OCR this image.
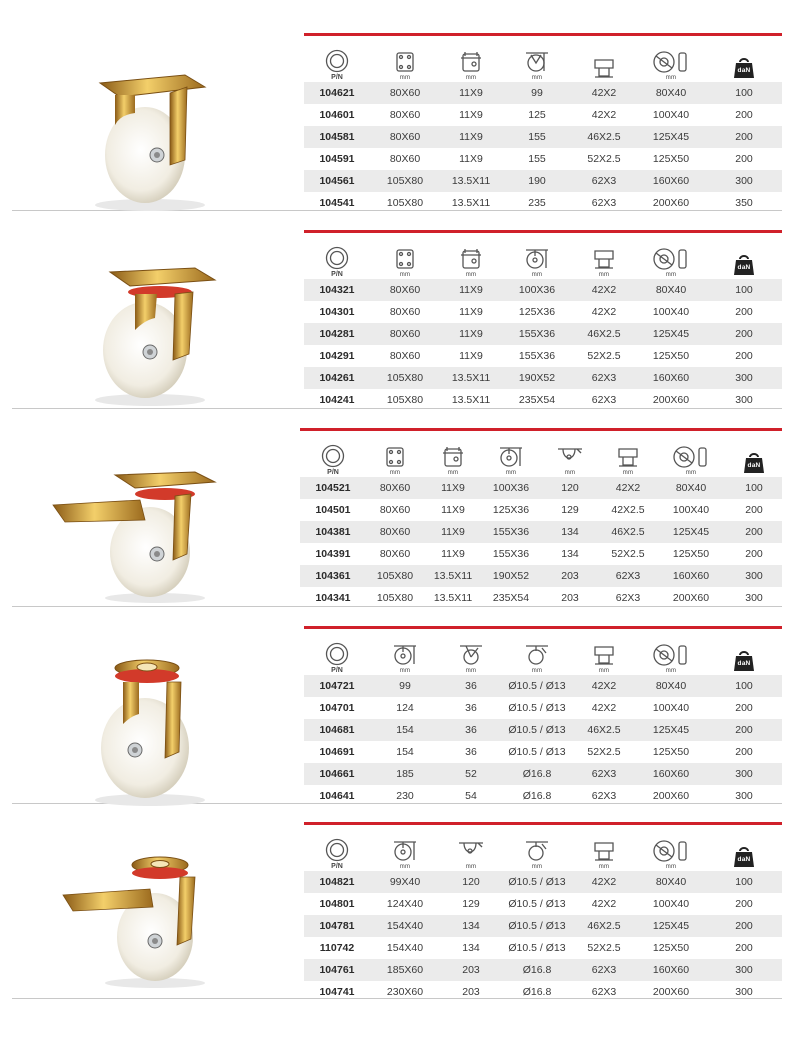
P/N	mm	mm	mm	mm
104621	80X60	11X9	99	42X2	80X40	100
104601	80X60	11X9	125	42X2	100X40	200
104581	80X60	11X9	155	46X2.5	125X45	200
104591	80X60	11X9	155	52X2.5	125X50	200
104561	105X80	13.5X11	190	62X3	160X60	300
104541	105X80	13.5X11	235	62X3	200X60	350
P/N	mm	mm	mm	mm	mm
104321	80X60	11X9	100X36	42X2	80X40	100
104301	80X60	11X9	125X36	42X2	100X40	200
104281	80X60	11X9	155X36	46X2.5	125X45	200
104291	80X60	11X9	155X36	52X2.5	125X50	200
104261	105X80	13.5X11	190X52	62X3	160X60	300
104241	105X80	13.5X11	235X54	62X3	200X60	300
P/N	mm	mm	mm	mm	mm	mm
104521	80X60	11X9	100X36	120	42X2	80X40	100
104501	80X60	11X9	125X36	129	42X2.5	100X40	200
104381	80X60	11X9	155X36	134	46X2.5	125X45	200
104391	80X60	11X9	155X36	134	52X2.5	125X50	200
104361	105X80	13.5X11	190X52	203	62X3	160X60	300
104341	105X80	13.5X11	235X54	203	62X3	200X60	300
P/N	mm	mm	mm	mm	mm
104721	99	36	Ø10.5 / Ø13	42X2	80X40	100
104701	124	36	Ø10.5 / Ø13	42X2	100X40	200
104681	154	36	Ø10.5 / Ø13	46X2.5	125X45	200
104691	154	36	Ø10.5 / Ø13	52X2.5	125X50	200
104661	185	52	Ø16.8	62X3	160X60	300
104641	230	54	Ø16.8	62X3	200X60	300
P/N	mm	mm	mm	mm	mm
104821	99X40	120	Ø10.5 / Ø13	42X2	80X40	100
104801	124X40	129	Ø10.5 / Ø13	42X2	100X40	200
104781	154X40	134	Ø10.5 / Ø13	46X2.5	125X45	200
110742	154X40	134	Ø10.5 / Ø13	52X2.5	125X50	200
104761	185X60	203	Ø16.8	62X3	160X60	300
104741	230X60	203	Ø16.8	62X3	200X60	300
